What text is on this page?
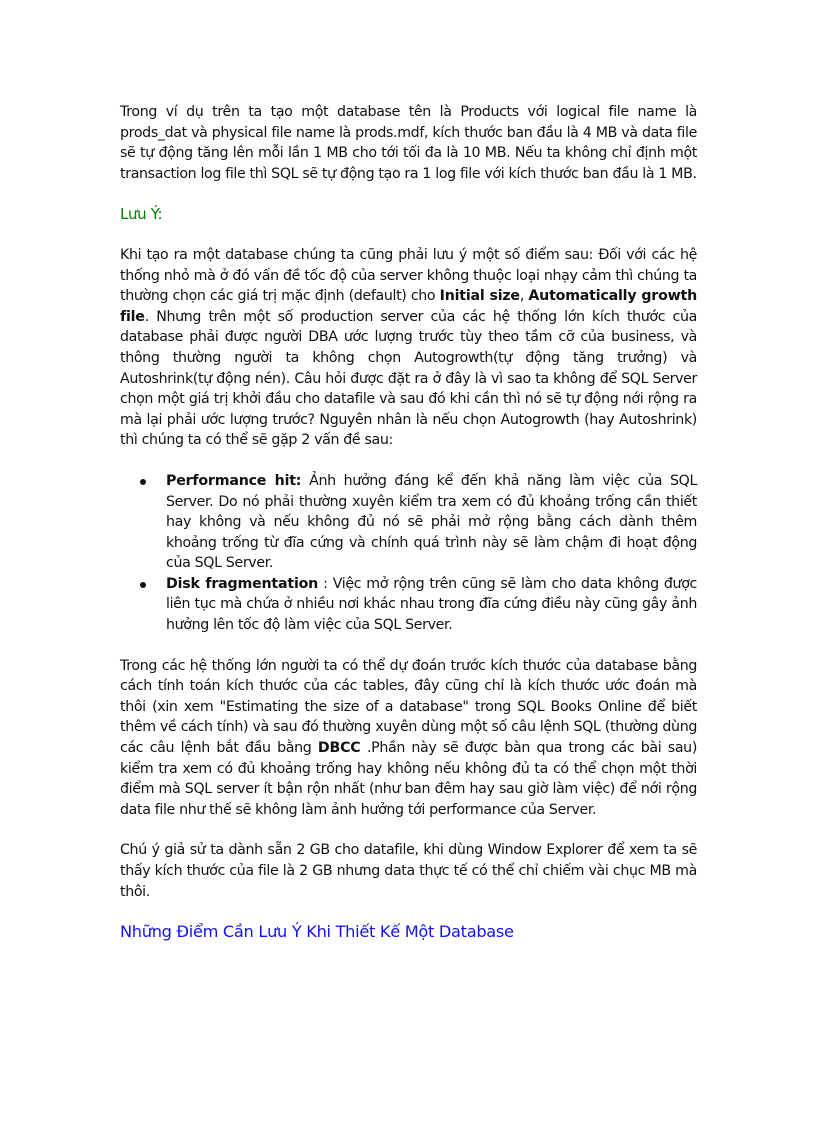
Trong ví dụ trên ta tạo một database tên là Products với logical file name là prods_dat và physical file name là prods.mdf, kích thước ban đầu là 4 MB và data file sẽ tự động tăng lên mỗi lần 1 MB cho tới tối đa là 10 MB. Nếu ta không chỉ định một transaction log file thì SQL sẽ tự động tạo ra 1 log file với kích thước ban đầu là 1 MB.

Lưu Ý:

Khi tạo ra một database chúng ta cũng phải lưu ý một số điểm sau: Đối với các hệ thống nhỏ mà ở đó vấn đề tốc độ của server không thuộc loại nhạy cảm thì chúng ta thường chọn các giá trị mặc định (default) cho Initial size, Automatically growth file. Nhưng trên một số production server của các hệ thống lớn kích thước của database phải được người DBA ước lượng trước tùy theo tầm cỡ của business, và thông thường người ta không chọn Autogrowth(tự động tăng trưởng) và Autoshrink(tự động nén). Câu hỏi được đặt ra ở đây là vì sao ta không để SQL Server chọn một giá trị khởi đầu cho datafile và sau đó khi cần thì nó sẽ tự động nới rộng ra mà lại phải ước lượng trước? Nguyên nhân là nếu chọn Autogrowth (hay Autoshrink) thì chúng ta có thể sẽ gặp 2 vấn đề sau:

Performance hit: Ảnh hưởng đáng kể đến khả năng làm việc của SQL Server. Do nó phải thường xuyên kiểm tra xem có đủ khoảng trống cần thiết hay không và nếu không đủ nó sẽ phải mở rộng bằng cách dành thêm khoảng trống từ đĩa cứng và chính quá trình này sẽ làm chậm đi hoạt động của SQL Server.
Disk fragmentation : Việc mở rộng trên cũng sẽ làm cho data không được liên tục mà chứa ở nhiều nơi khác nhau trong đĩa cứng điều này cũng gây ảnh hưởng lên tốc độ làm việc của SQL Server.

Trong các hệ thống lớn người ta có thể dự đoán trước kích thước của database bằng cách tính toán kích thước của các tables, đây cũng chỉ là kích thước ước đoán mà thôi (xin xem "Estimating the size of a database" trong SQL Books Online để biết thêm về cách tính) và sau đó thường xuyên dùng một số câu lệnh SQL (thường dùng các câu lệnh bắt đầu bằng DBCC .Phần này sẽ được bàn qua trong các bài sau) kiểm tra xem có đủ khoảng trống hay không nếu không đủ ta có thể chọn một thời điểm mà SQL server ít bận rộn nhất (như ban đêm hay sau giờ làm việc) để nới rộng data file như thế sẽ không làm ảnh hưởng tới performance của Server.

Chú ý giả sử ta dành sẵn 2 GB cho datafile, khi dùng Window Explorer để xem ta sẽ thấy kích thước của file là 2 GB nhưng data thực tế có thể chỉ chiếm vài chục MB mà thôi.

Những Điểm Cần Lưu Ý Khi Thiết Kế Một Database
